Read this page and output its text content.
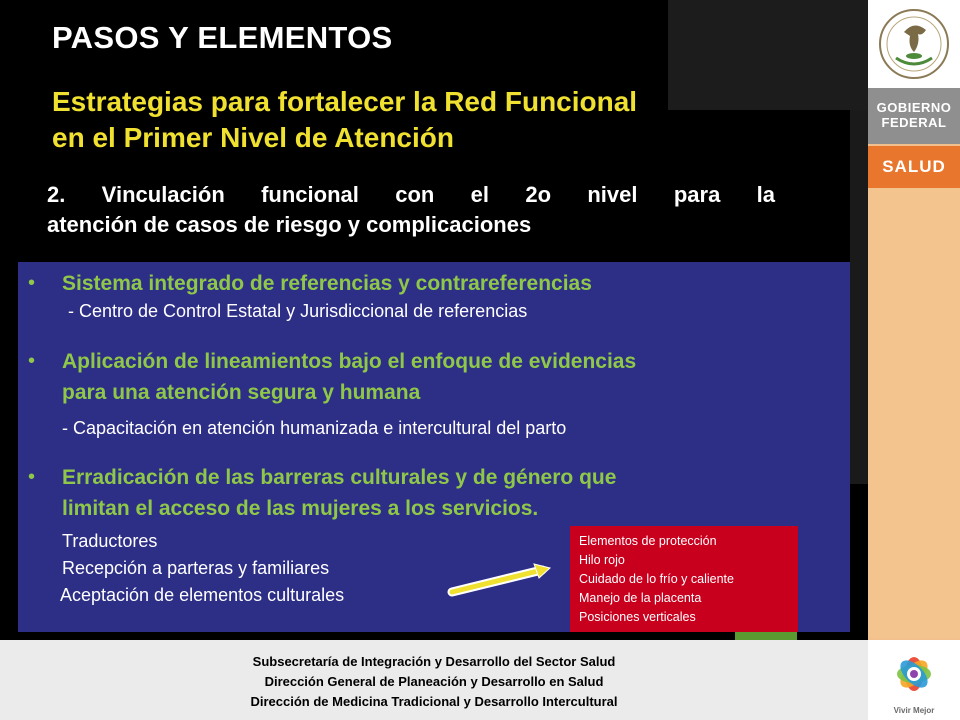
GOBIERNO
FEDERAL
SALUD
Vivir Mejor
PASOS Y ELEMENTOS
Estrategias para fortalecer la Red Funcional
en el Primer Nivel de Atención
2. Vinculación funcional con el 2o nivel para la
atención de casos de riesgo y complicaciones
• Sistema integrado de referencias y contrareferencias
- Centro de Control Estatal y Jurisdiccional de referencias
• Aplicación de lineamientos bajo el enfoque de evidencias
para una atención segura y humana
- Capacitación en atención humanizada e intercultural del parto
• Erradicación de las barreras culturales y de género que
limitan el acceso de las mujeres a los servicios.
Traductores
Recepción a parteras y familiares
Aceptación de elementos culturales
Elementos de protección
Hilo rojo
Cuidado de lo frío y caliente
Manejo de la placenta
Posiciones verticales
Subsecretaría de Integración y Desarrollo del Sector Salud
Dirección General de Planeación y Desarrollo en Salud
Dirección de Medicina Tradicional y Desarrollo Intercultural
